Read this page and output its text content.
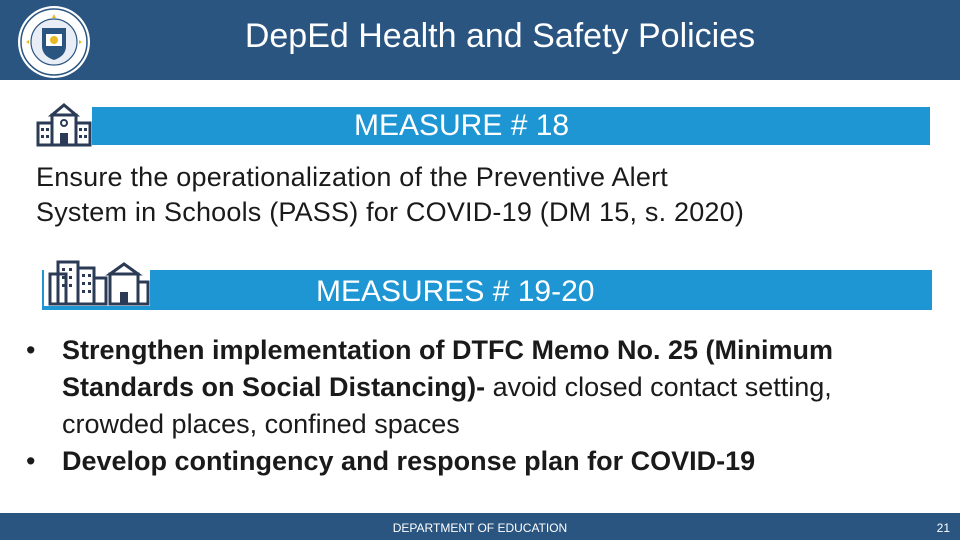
DepEd Health and Safety Policies
MEASURE # 18
Ensure the operationalization of the Preventive Alert
System in Schools (PASS) for COVID-19 (DM 15, s. 2020)
MEASURES # 19-20
• Strengthen implementation of DTFC Memo No. 25 (Minimum Standards on Social Distancing)- avoid closed contact setting, crowded places, confined spaces
• Develop contingency and response plan for COVID-19
DEPARTMENT OF EDUCATION	21
